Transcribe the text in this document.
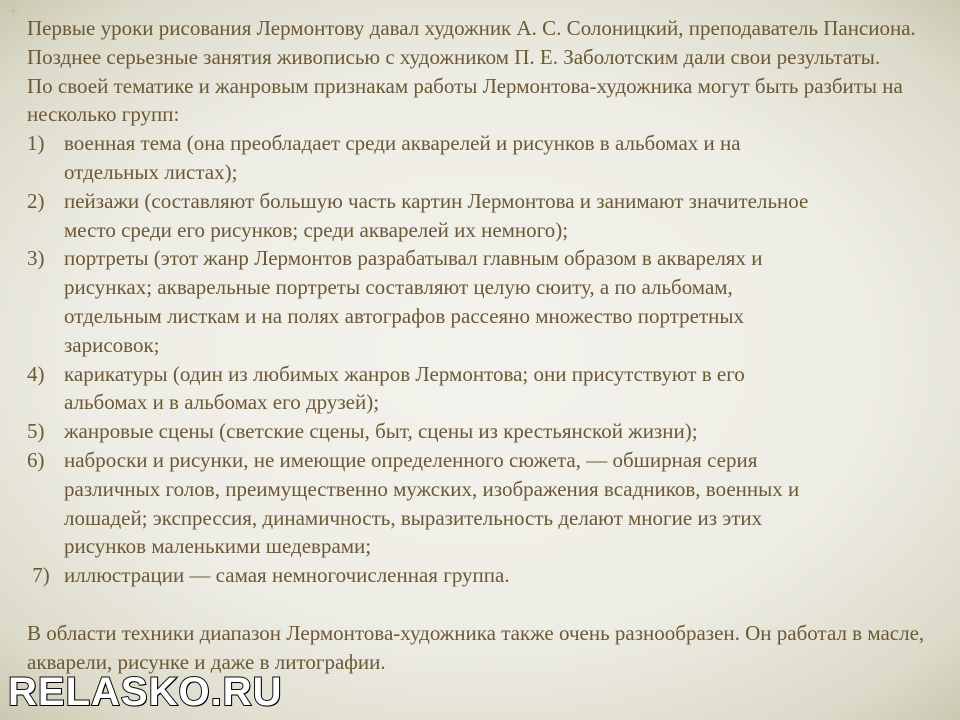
Первые уроки рисования Лермонтову давал художник А. С. Солоницкий, преподаватель Пансиона. Позднее серьезные занятия живописью с художником П. Е. Заболотским дали свои результаты.

По своей тематике и жанровым признакам работы Лермонтова-художника могут быть разбиты на несколько групп:

1) военная тема (она преобладает среди акварелей и рисунков в альбомах и на
отдельных листах);
2) пейзажи (составляют большую часть картин Лермонтова и занимают значительное
место среди его рисунков; среди акварелей их немного);
3) портреты (этот жанр Лермонтов разрабатывал главным образом в акварелях и
рисунках; акварельные портреты составляют целую сюиту, а по альбомам,
отдельным листкам и на полях автографов рассеяно множество портретных
зарисовок;
4) карикатуры (один из любимых жанров Лермонтова; они присутствуют в его
альбомах и в альбомах его друзей);
5) жанровые сцены (светские сцены, быт, сцены из крестьянской жизни);
6) наброски и рисунки, не имеющие определенного сюжета, — обширная серия
различных голов, преимущественно мужских, изображения всадников, военных и
лошадей; экспрессия, динамичность, выразительность делают многие из этих
рисунков маленькими шедеврами;
7) иллюстрации — самая немногочисленная группа.

В области техники диапазон Лермонтова-художника также очень разнообразен. Он работал в масле, акварели, рисунке и даже в литографии.

RELASKO.RU
